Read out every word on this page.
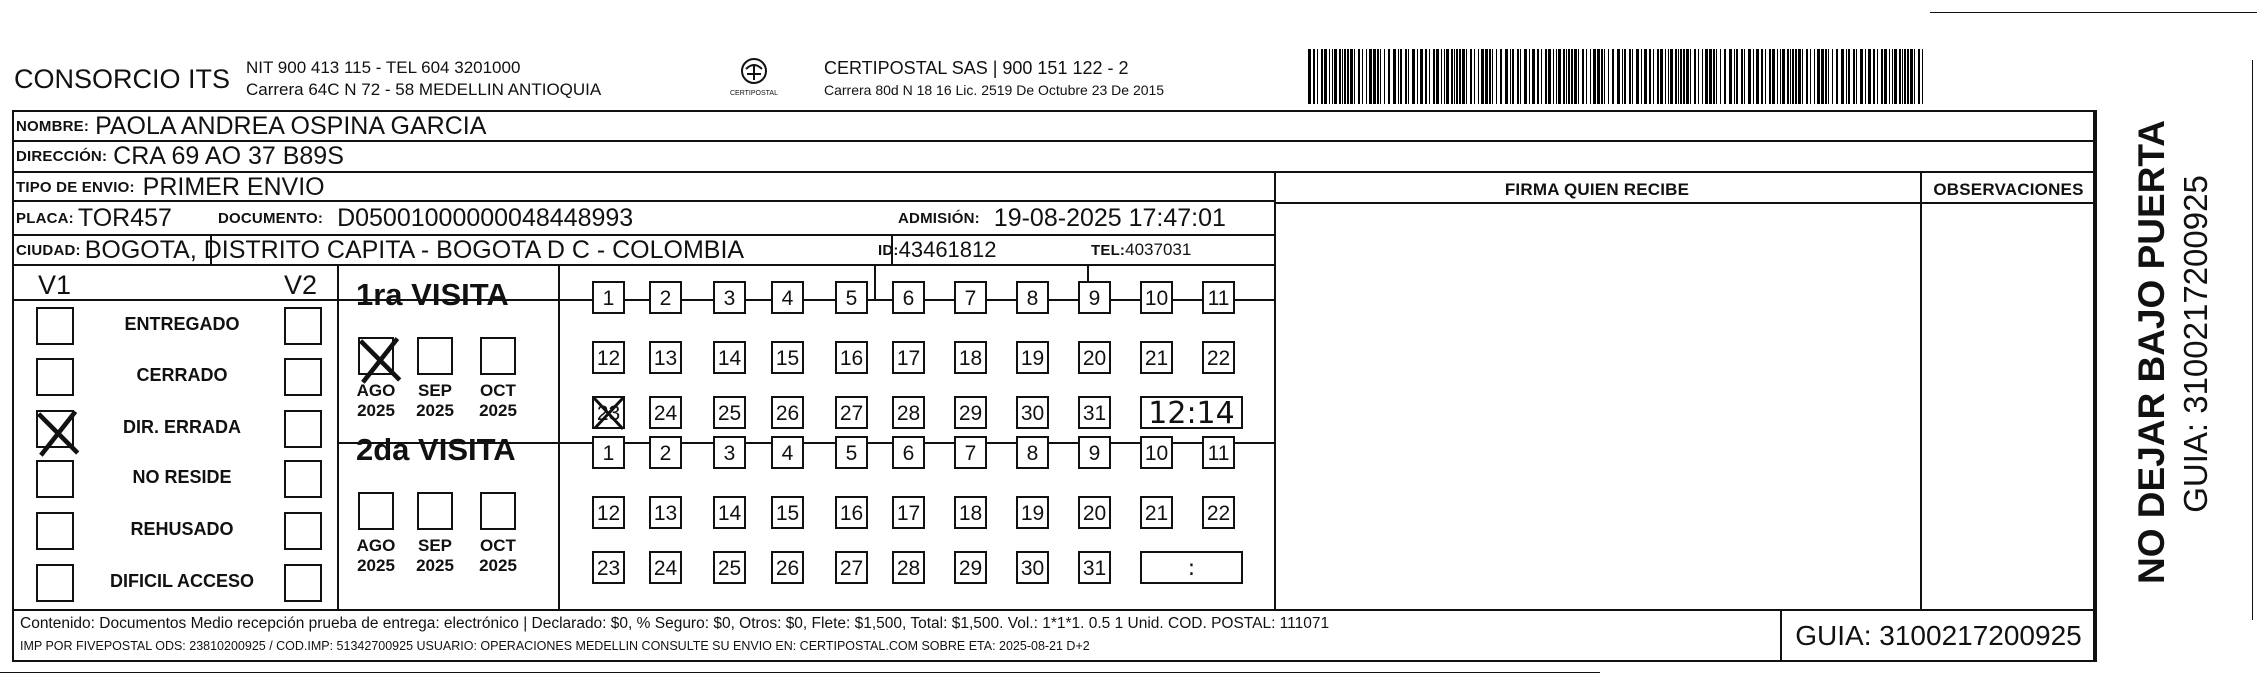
CONSORCIO ITS NIT 900 413 115 - TEL 604 3201000
Carrera 64C N 72 - 58 MEDELLIN ANTIOQUIA	CERTIPOSTAL
CERTIPOSTAL SAS | 900 151 122 - 2
Carrera 80d N 18 16 Lic. 2519 De Octubre 23 De 2015
NOMBRE: PAOLA ANDREA OSPINA GARCIA
DIRECCIÓN: CRA 69 AO 37 B89S
TIPO DE ENVIO: PRIMER ENVIO
PLACA: TOR457	DOCUMENTO: D05001000000048448993	ADMISIÓN: 19-08-2025 17:47:01
CIUDAD: BOGOTA, DISTRITO CAPITA - BOGOTA D C - COLOMBIA	ID: 43461812	TEL: 4037031
FIRMA QUIEN RECIBE	OBSERVACIONES
V1	V2
ENTREGADO
CERRADO
DIR. ERRADA
NO RESIDE
REHUSADO
DIFICIL ACCESO
1ra VISITA
AGO
2025
SEP
2025
OCT
2025
1	2	3	4	5	6	7	8	9	10 11
12 13 14 15 16 17 18 19 20 21 22
23 24 25 26 27 28 29 30 31 12:14
2da VISITA
AGO
2025
SEP
2025
OCT
2025
1	2	3	4	5	6	7	8	9	10 11
12 13 14 15 16 17 18 19 20 21 22
23 24 25 26 27 28 29 30 31	:
Contenido: Documentos Medio recepción prueba de entrega: electrónico | Declarado: $0, % Seguro: $0, Otros: $0, Flete: $1,500, Total: $1,500. Vol.: 1*1*1. 0.5 1 Unid. COD. POSTAL: 111071
IMP POR FIVEPOSTAL ODS: 23810200925 / COD.IMP: 51342700925 USUARIO: OPERACIONES MEDELLIN CONSULTE SU ENVIO EN: CERTIPOSTAL.COM SOBRE ETA: 2025-08-21 D+2	GUIA: 3100217200925
NO DEJAR BAJO PUERTA GUIA: 3100217200925
